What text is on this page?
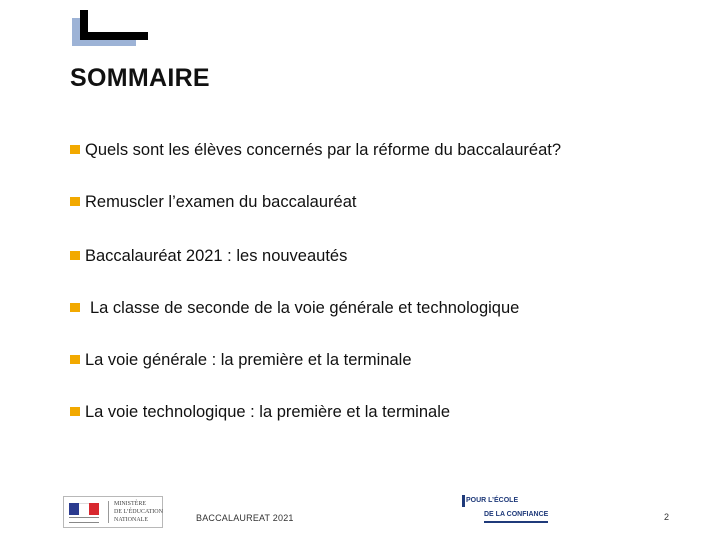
SOMMAIRE
Quels sont les élèves concernés par la réforme du baccalauréat?
Remuscler l’examen du baccalauréat
Baccalauréat 2021 : les nouveautés
La classe de seconde de la voie générale et technologique
La voie générale : la première et la terminale
La voie technologique : la première et la terminale
MINISTÈRE
DE L’ÉDUCATION
NATIONALE	BACCALAUREAT 2021
POUR L’ÉCOLE
DE LA CONFIANCE	2
